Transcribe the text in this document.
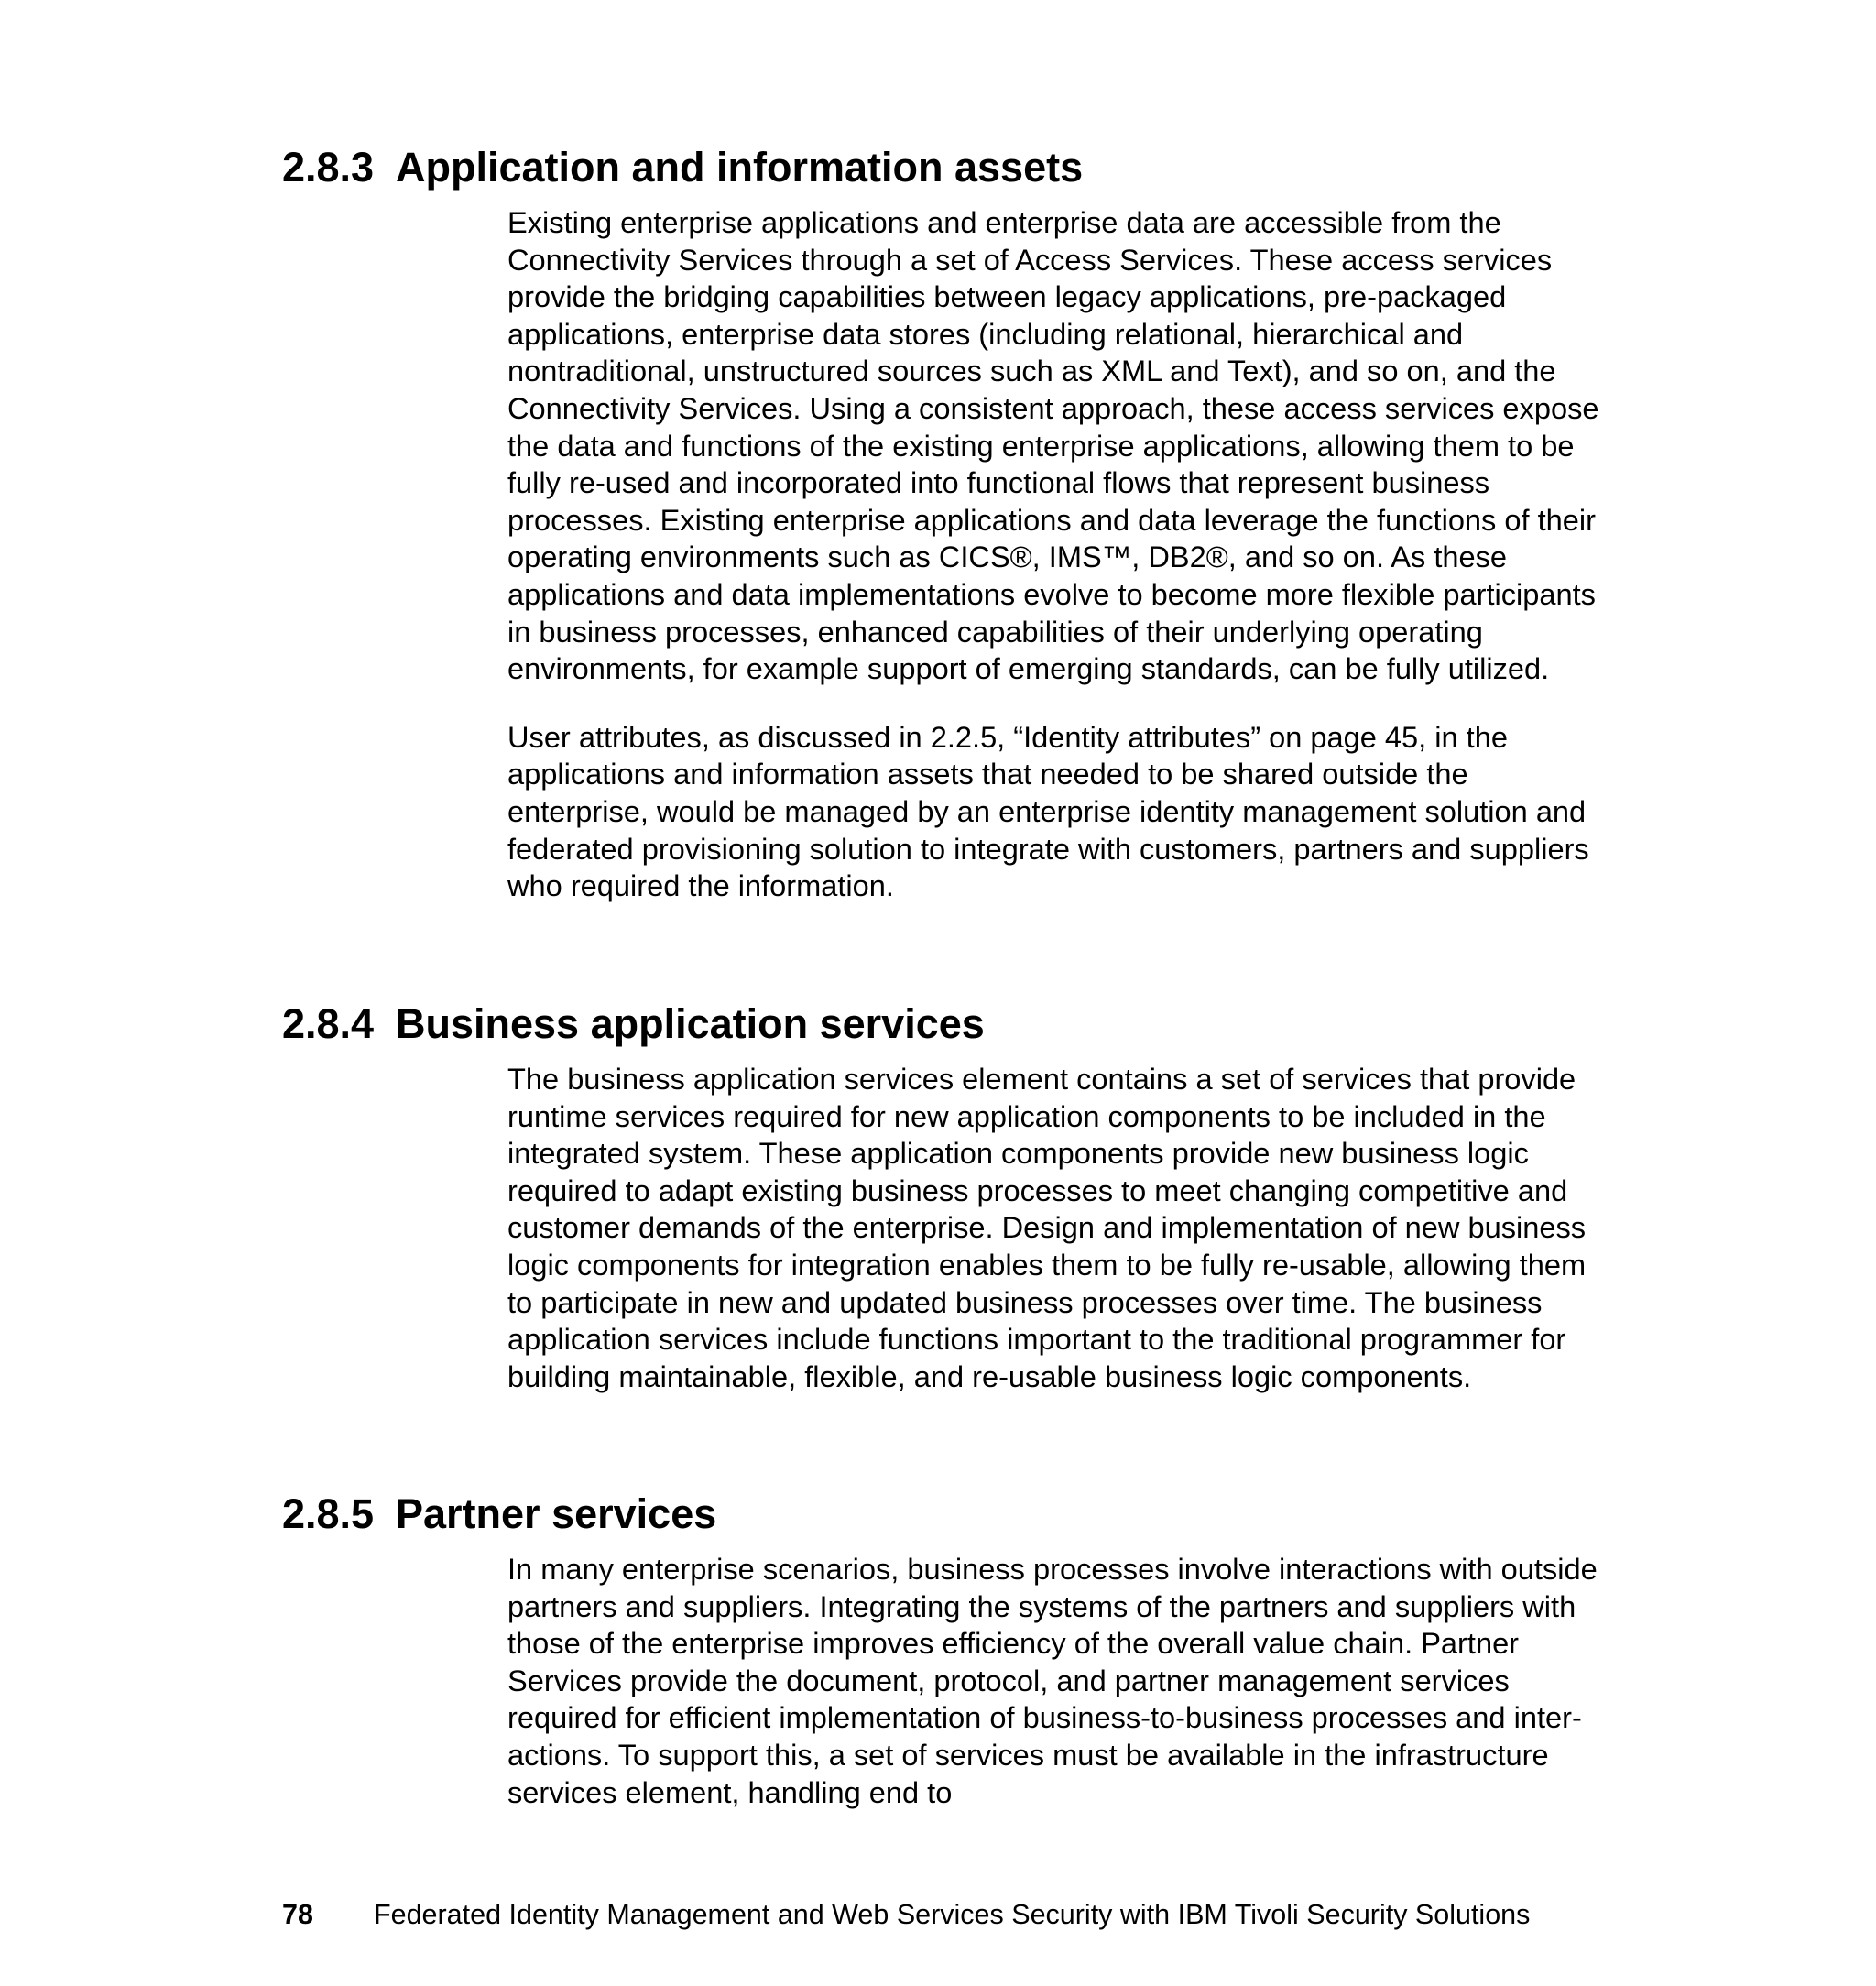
2.8.3 Application and information assets

Existing enterprise applications and enterprise data are accessible from the Connectivity Services through a set of Access Services. These access services provide the bridging capabilities between legacy applications, pre-packaged applications, enterprise data stores (including relational, hierarchical and nontraditional, unstructured sources such as XML and Text), and so on, and the Connectivity Services. Using a consistent approach, these access services expose the data and functions of the existing enterprise applications, allowing them to be fully re-used and incorporated into functional flows that represent business processes. Existing enterprise applications and data leverage the functions of their operating environments such as CICS®, IMS™, DB2®, and so on. As these applications and data implementations evolve to become more flexible participants in business processes, enhanced capabilities of their underlying operating environments, for example support of emerging standards, can be fully utilized.

User attributes, as discussed in 2.2.5, “Identity attributes” on page 45, in the applications and information assets that needed to be shared outside the enterprise, would be managed by an enterprise identity management solution and federated provisioning solution to integrate with customers, partners and suppliers who required the information.

2.8.4 Business application services

The business application services element contains a set of services that provide runtime services required for new application components to be included in the integrated system. These application components provide new business logic required to adapt existing business processes to meet changing competitive and customer demands of the enterprise. Design and implementation of new business logic components for integration enables them to be fully re-usable, allowing them to participate in new and updated business processes over time. The business application services include functions important to the traditional programmer for building maintainable, flexible, and re-usable business logic components.

2.8.5 Partner services

In many enterprise scenarios, business processes involve interactions with outside partners and suppliers. Integrating the systems of the partners and suppliers with those of the enterprise improves efficiency of the overall value chain. Partner Services provide the document, protocol, and partner management services required for efficient implementation of business-to-business processes and inter-actions. To support this, a set of services must be available in the infrastructure services element, handling end to

78 Federated Identity Management and Web Services Security with IBM Tivoli Security Solutions
